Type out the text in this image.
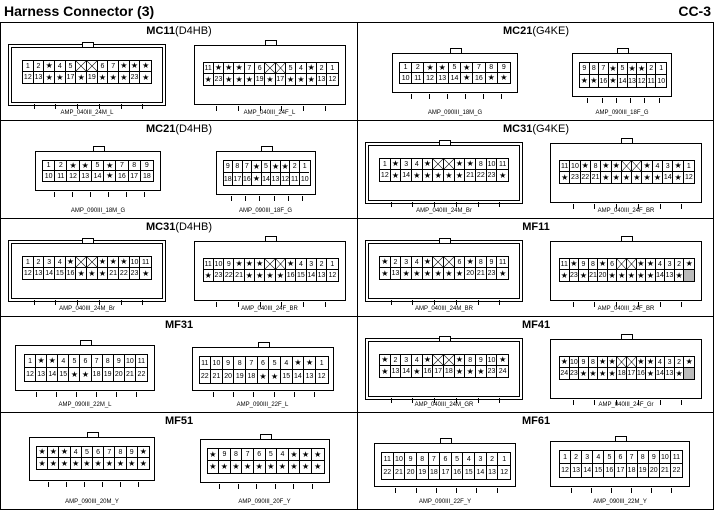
Harness Connector (3)	CC-3
MC11(D4HB)
1 2 ★ 4 5	6 7 ★ ★ ★
12 13 ★ ★ 17 ★ 19 ★ ★ ★ 23 ★
AMP_040III_24M_L
11 ★ ★ ★ 7 6	5 4 ★ 2 1
★ 23 ★ ★ ★ 19 ★ 17 ★ ★ ★ 13 12
AMP_040III_24F_L
MC21(G4KE)
1	2 ★ ★ 5 ★ 7	8	9
10 11 12 13 14 ★ 16 ★ ★
AMP_090III_18M_G
9 8 7 ★ 5 ★ ★ 2 1
★ ★ 16 ★ 14 13 12 11 10
AMP_090III_18F_G
MC21(D4HB)
1	2 ★ ★ 5 ★ 7	8	9
10 11 12 13 14 ★ 16 17 18
AMP_090III_18M_G
9 8 7 ★ 5 ★ ★ 2 1
18 17 16 ★ 14 13 12 11 10
AMP_090III_18F_G
MC31(G4KE)
1 ★ 3 4 ★	★ ★ 8 10 11
12 ★ 14 ★ ★ ★ ★ ★ 21 22 23 ★
AMP_040III_24M_Br
11 10 ★ 8 ★ ★	★ 4 3 ★ 1
★ 23 22 21 ★ ★ ★ ★ ★ ★ 14 ★ 12
AMP_040III_24F_BR
MC31(D4HB)
1 2 3 4 ★	★ ★ ★ 10 11
12 13 14 15 16 ★ ★ ★ 21 22 23 ★
AMP_040III_24M_Br
11 10 9 ★ ★ ★	★ 4 3 2 1
★ 23 22 21 ★ ★ ★ ★ 16 15 14 13 12
AMP_040III_24F_BR
MF11
★ 2 3 4 ★	6 ★ 8 9 11
★ 13 ★ ★ ★ ★ ★ ★ 20 21 23 ★
AMP_040III_24M_BR
11 ★ 9 8 ★ 6	★ ★ 4 3 2 ★
★ 23 ★ 21 20 ★ ★ ★ ★ ★ 14 13 ★
AMP_040III_24F_BR
MF31
1 ★ ★ 4	5	6	7	8	9 10 11
12 13 14 15 ★ ★ 18 19 20 21 22
AMP_090III_22M_L
11 10 9	8	7	6	5	4 ★ ★ 1
22 21 20 19 18 ★ ★ 15 14 13 12
AMP_090III_22F_L
MF41
★ 2 3 4 ★	★ 8 9 10 ★
★ 13 14 ★ 16 17 18 ★ ★ ★ 23 24
AMP_040III_24M_GR
★ 10 9 8 ★ ★	★ ★ 4 3 2 ★
24 23 ★ ★ ★ ★ 18 17 16 ★ 14 13 ★
AMP_040III_24F_Gr
MF51
★ ★ ★ 4	5	6	7	8	9 ★
★ ★ ★ ★ ★ ★ ★ ★ ★ ★
AMP_090III_20M_Y
★ 9	8	7	6	5	4 ★ ★ ★
★ ★ ★ ★ ★ ★ ★ ★ ★ ★
AMP_090III_20F_Y
MF61
11 10 9	8	7	6	5	4	3	2	1
22 21 20 19 18 17 16 15 14 13 12
AMP_090III_22F_Y
1	2	3	4	5	6	7	8	9 10 11
12 13 14 15 16 17 18 19 20 21 22
AMP_090III_22M_Y
